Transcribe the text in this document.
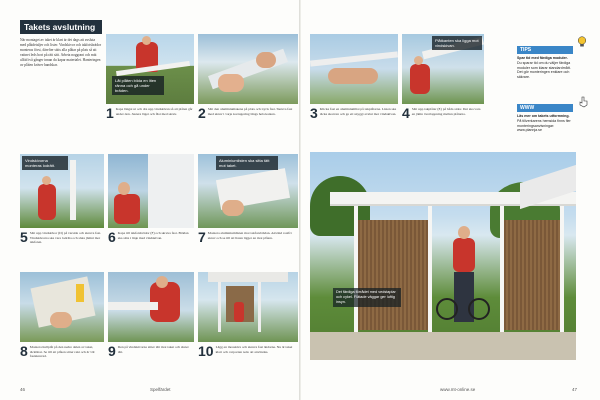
Takets avslutning
När montaget av taket är klart är det dags att avsluta med plåtdetaljer och lister. Vindskivor och takfotsbrädor monteras först, därefter sätts alla plåtar på plats så att vattnet leds bort på rätt sätt. Arbeta noggrant och mät alltid två gånger innan du kapar materialet. Hanteringen av plåten kräver handskar.
Låt plåten bilda en liten ränna och gå under bräden.
Plåtkanten ska ligga mot vindskivan.
1 Kapa längst ut och dra upp vindskivan så att plåten går under den. Justera läget och fäst med skruv.	2 Sätt den aluminiumskena på plats och tryck fast. Skruva fast med skruv i varje korrugering längs hela kanten.	3 Klicka fast en aluminiumlist på takplåtarna. Listen ska täcka skarven och ge ett snyggt avslut mot vindskivan. 4 Sätt upp takplåtar (E) på båda sidor. Det ska vara en jämn överlappning mellan plåtarna.
Vindskivorna monteras lodrätt.
Aluminiumlisten ska sitta tätt mot taket.
5 Sätt upp vindskivor (D) på varsida och skruva fast. Vindskivorna ska vara lodräta och sluta jämnt mot takfoten.	6 Kapa till takfotsbrädor (F) och skruva fast. Brädan ska sitta i linje med vindskivan.	7 Montera aluminiumlisten mot takfotsbrädan. Använd rostfri skruv och se till att listen ligger an mot plåten.
8 Montera hullplåt på den nedre delen av taket, täckbitar. Se till att plåten sitter rakt och är väl fastskruvad.	9 Den på vindskivorna sitter tätt mot taket och sluter tätt.	10 Lägg en mosskiva och skruva fast ändarna. Nu är taket klart och carporten redo att användas.
46	Spelfärdet
Det färdiga förrådet med vedstaplar och cykel. Flätade väggar ger luftig insyn.
TIPS
Spar tid med färdiga moduler. Du sparar tid om du väljer färdiga moduler som klarar standardmått. Det gör monteringen enklare och säkrare.
WWW
Läs mer om takets utformning. På tillverkarens hemsida finns fler monteringsanvisningar: www.plannja.se
www.mt-online.se	47
